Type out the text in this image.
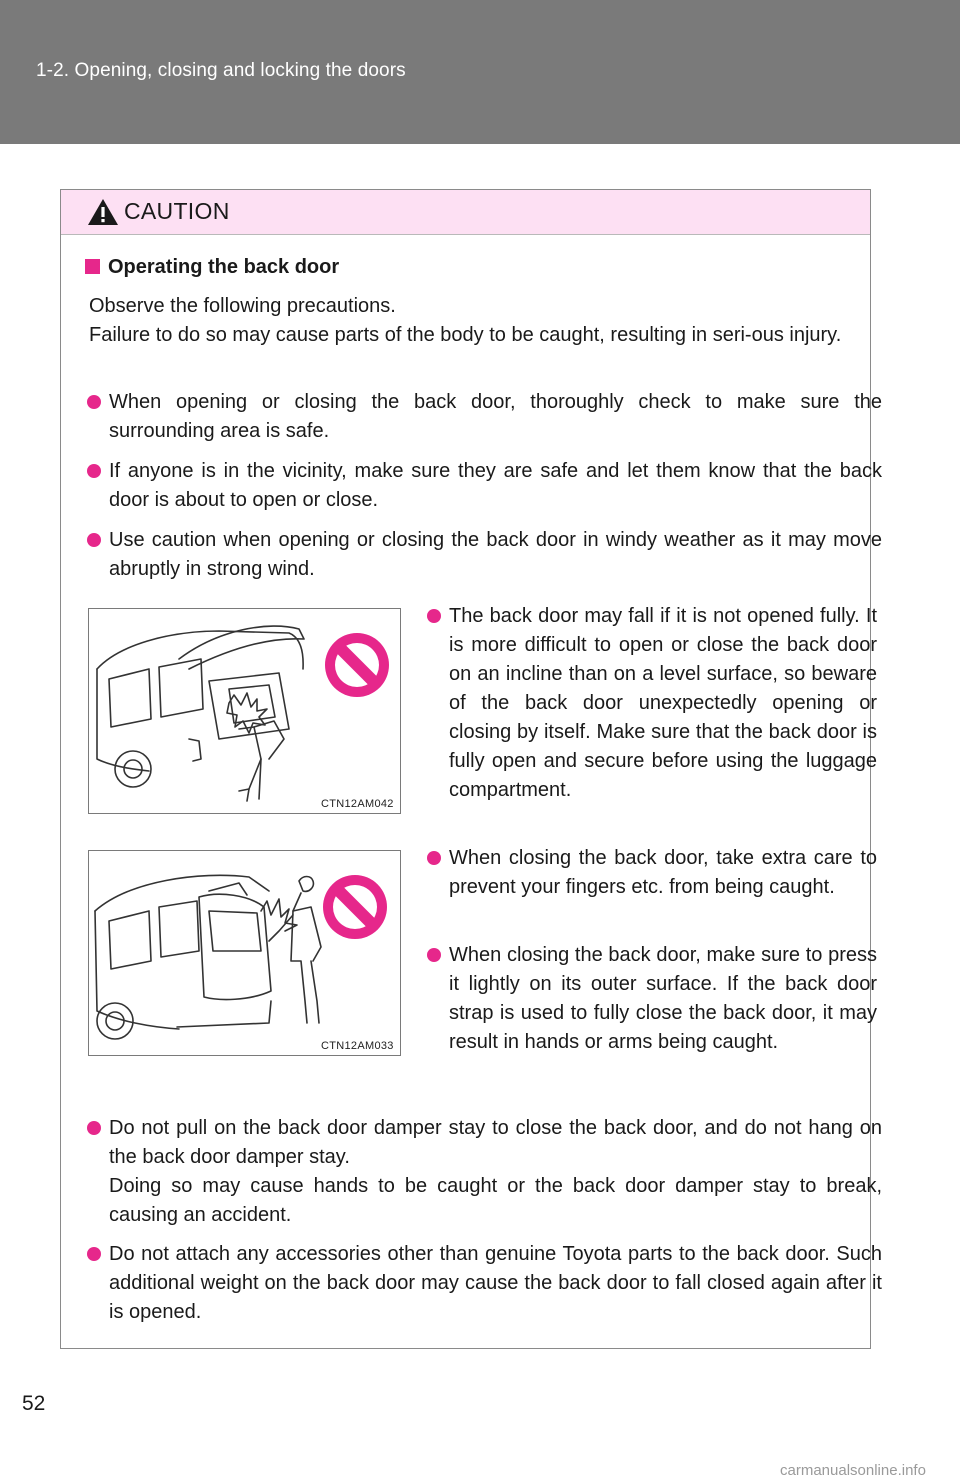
1-2. Opening, closing and locking the doors
CAUTION
Operating the back door
Observe the following precautions.
Failure to do so may cause parts of the body to be caught, resulting in seri-ous injury.
When opening or closing the back door, thoroughly check to make sure the surrounding area is safe.
If anyone is in the vicinity, make sure they are safe and let them know that the back door is about to open or close.
Use caution when opening or closing the back door in windy weather as it may move abruptly in strong wind.
CTN12AM042
CTN12AM033
The back door may fall if it is not opened fully. It is more difficult to open or close the back door on an incline than on a level surface, so beware of the back door unexpectedly opening or closing by itself. Make sure that the back door is fully open and secure before using the luggage compartment.
When closing the back door, take extra care to prevent your fingers etc. from being caught.
When closing the back door, make sure to press it lightly on its outer surface. If the back door strap is used to fully close the back door, it may result in hands or arms being caught.
Do not pull on the back door damper stay to close the back door, and do not hang on the back door damper stay.
Doing so may cause hands to be caught or the back door damper stay to break, causing an accident.
Do not attach any accessories other than genuine Toyota parts to the back door. Such additional weight on the back door may cause the back door to fall closed again after it is opened.
52
carmanualsonline.info
